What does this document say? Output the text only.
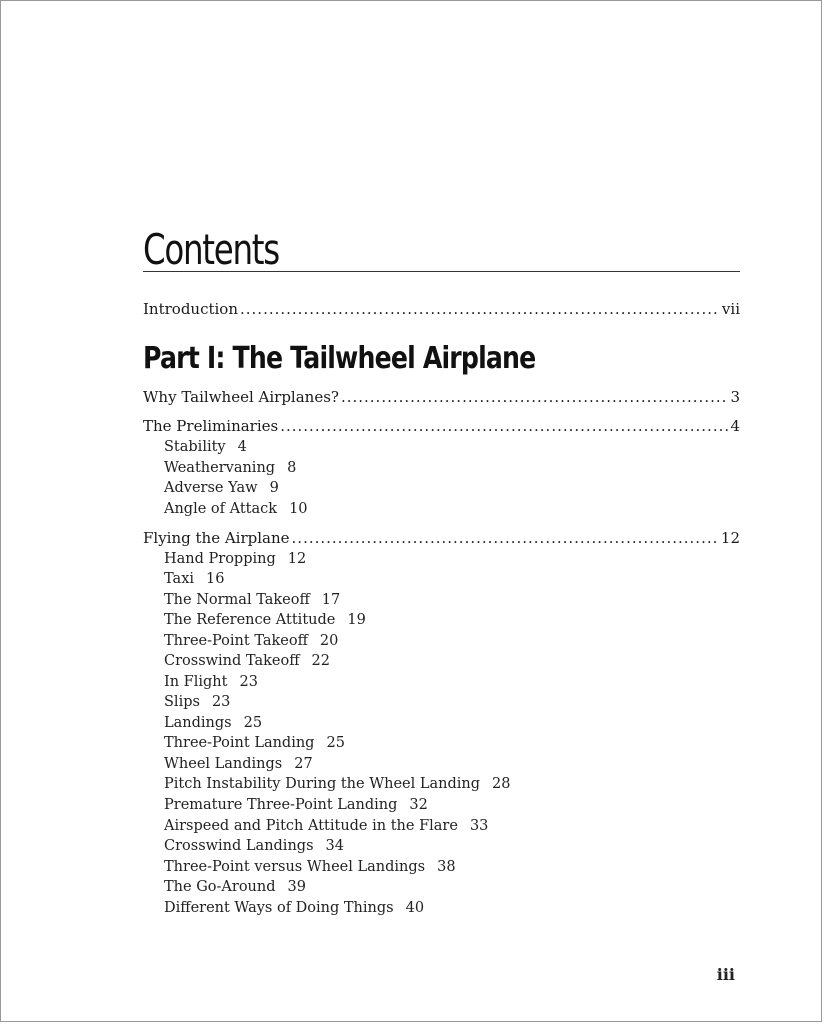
Contents
Introduction .....	vii
Part I: The Tailwheel Airplane
Why Tailwheel Airplanes? .....	3
The Preliminaries .....	4
Stability 4
Weathervaning 8
Adverse Yaw 9
Angle of Attack 10
Flying the Airplane .....	12
Hand Propping 12
Taxi 16
The Normal Takeoff 17
The Reference Attitude 19
Three-Point Takeoff 20
Crosswind Takeoff 22
In Flight 23
Slips 23
Landings 25
Three-Point Landing 25
Wheel Landings 27
Pitch Instability During the Wheel Landing 28
Premature Three-Point Landing 32
Airspeed and Pitch Attitude in the Flare 33
Crosswind Landings 34
Three-Point versus Wheel Landings 38
The Go-Around 39
Different Ways of Doing Things 40
iii
